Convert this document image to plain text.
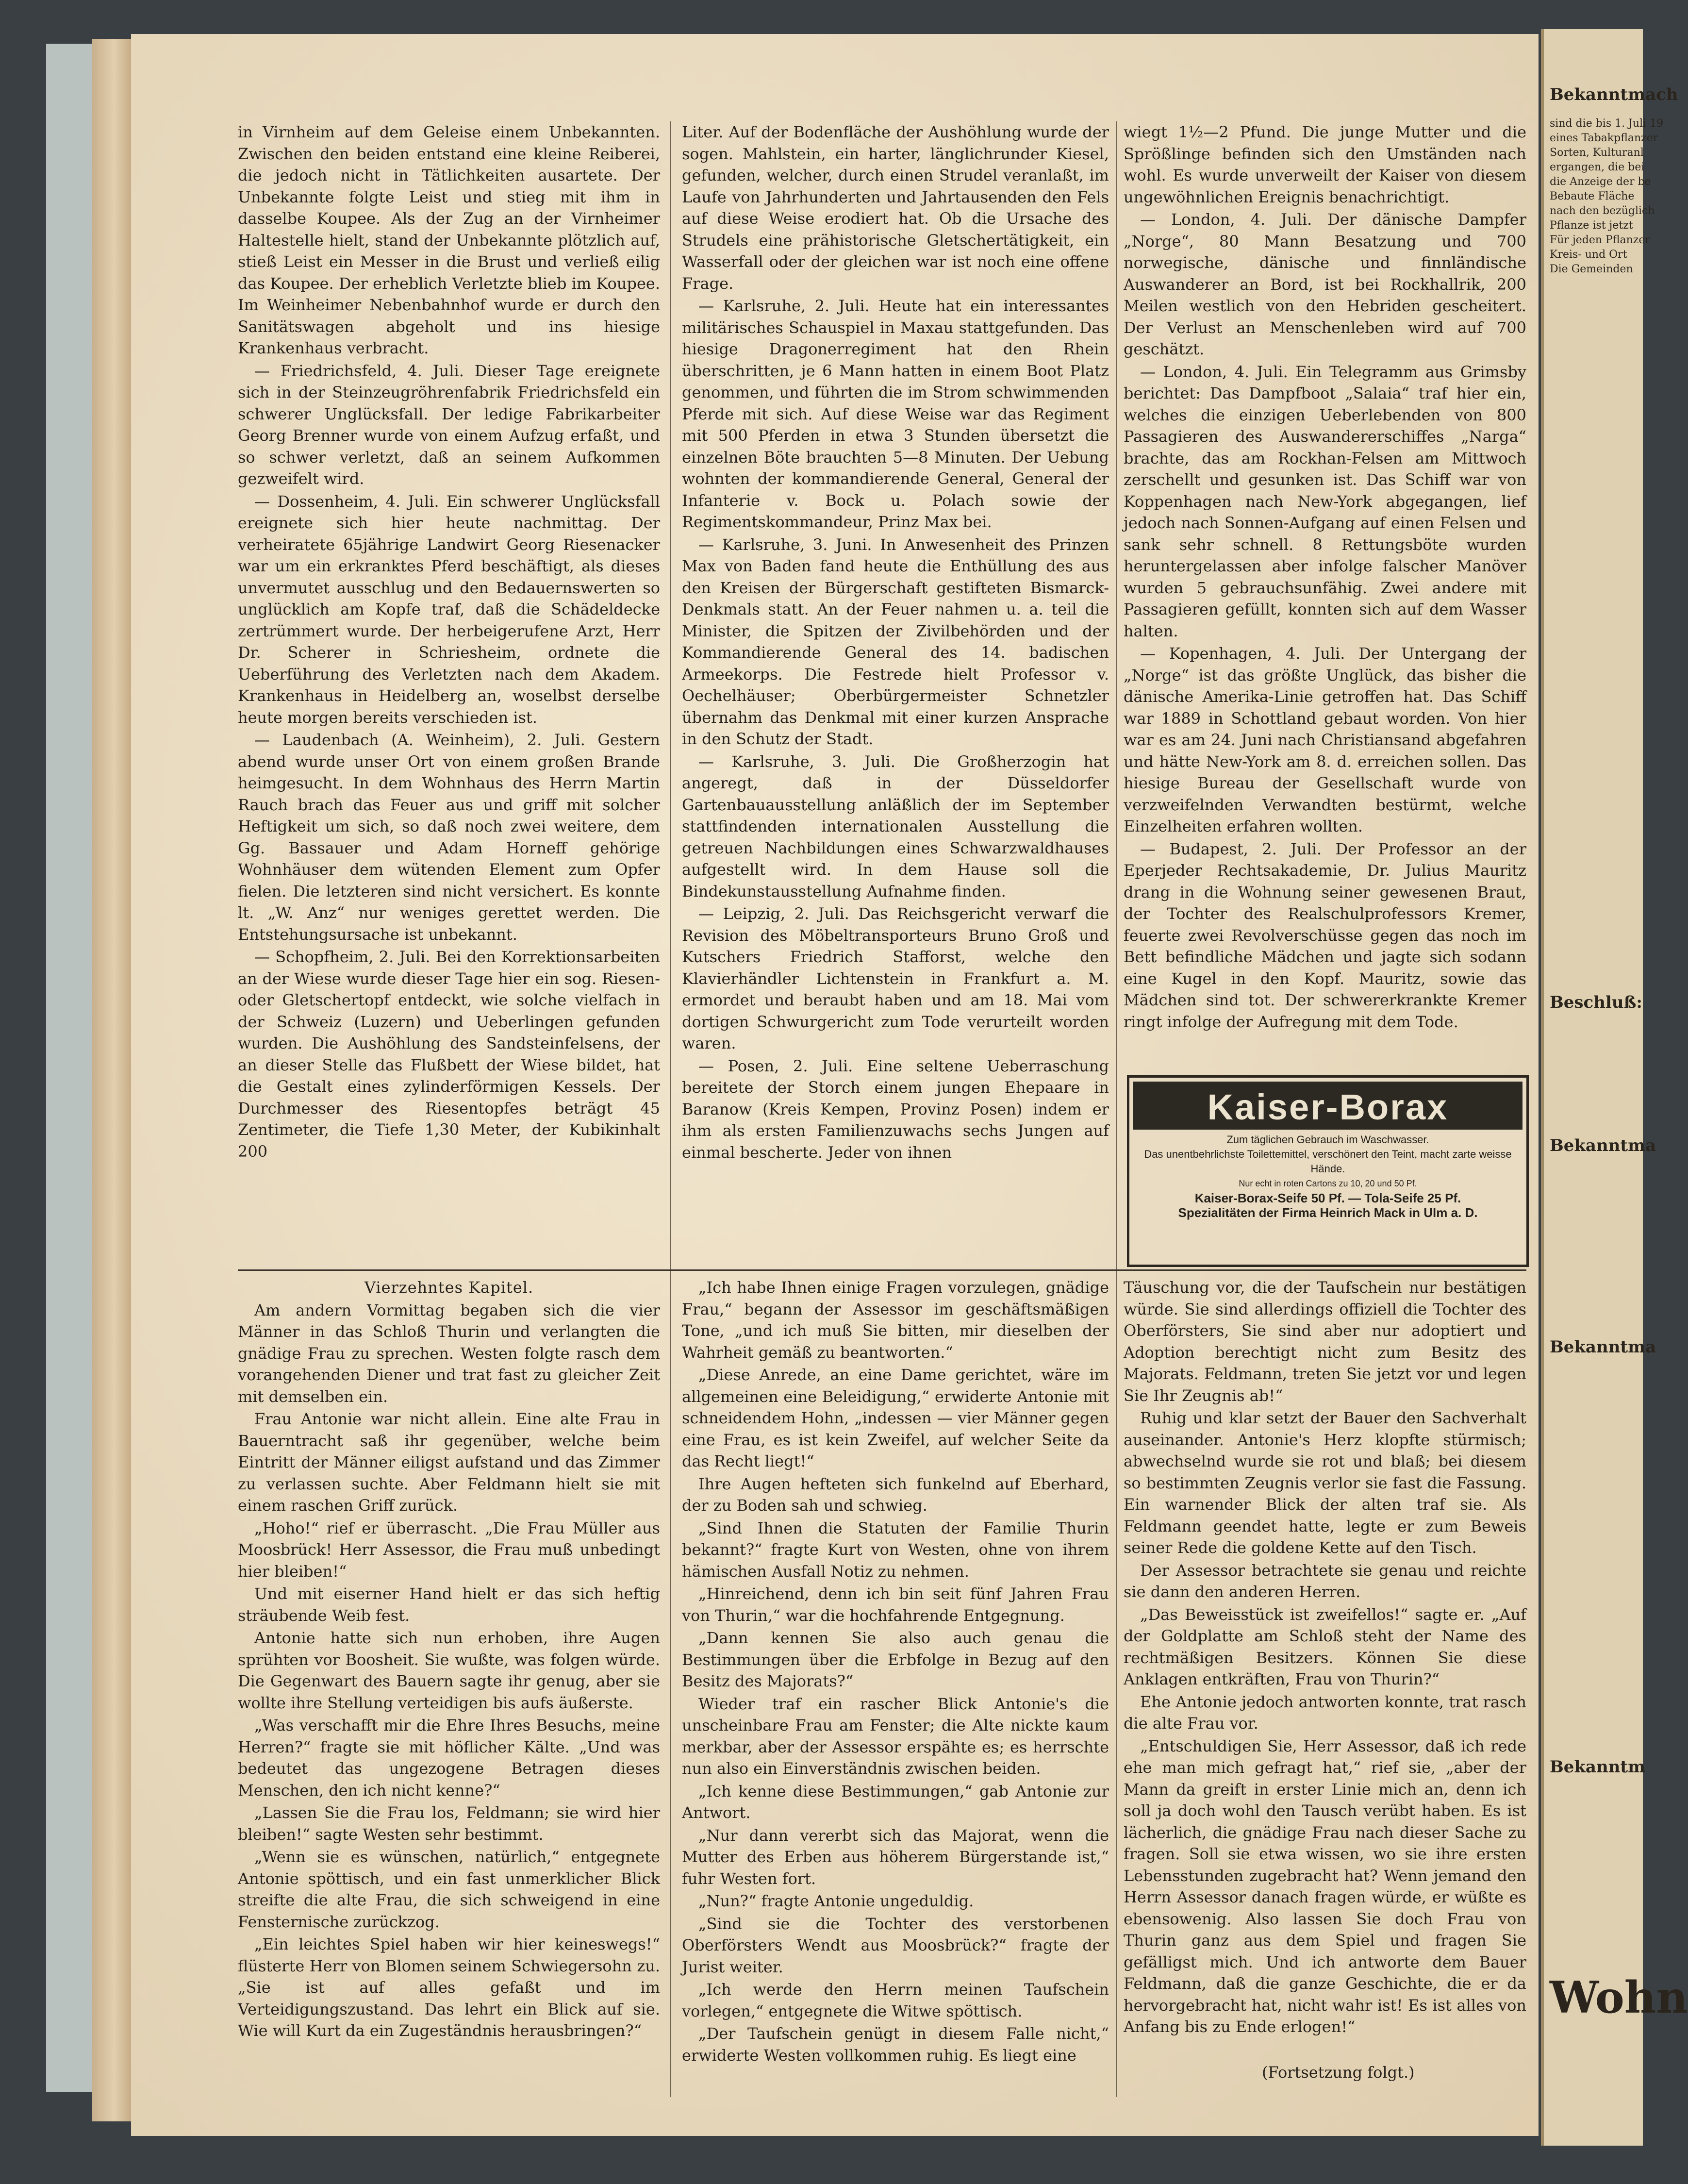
in Virnheim auf dem Geleise einem Unbekannten. Zwischen den beiden entstand eine kleine Reiberei, die jedoch nicht in Tätlichkeiten ausartete. Der Unbekannte folgte Leist und stieg mit ihm in dasselbe Koupee. Als der Zug an der Virnheimer Haltestelle hielt, stand der Unbekannte plötzlich auf, stieß Leist ein Messer in die Brust und verließ eilig das Koupee. Der erheblich Verletzte blieb im Koupee. Im Weinheimer Nebenbahnhof wurde er durch den Sanitätswagen abgeholt und ins hiesige Krankenhaus verbracht.

— Friedrichsfeld, 4. Juli. Dieser Tage ereignete sich in der Steinzeugröhrenfabrik Friedrichsfeld ein schwerer Unglücksfall. Der ledige Fabrikarbeiter Georg Brenner wurde von einem Aufzug erfaßt, und so schwer verletzt, daß an seinem Aufkommen gezweifelt wird.

— Dossenheim, 4. Juli. Ein schwerer Unglücksfall ereignete sich hier heute nachmittag. Der verheiratete 65jährige Landwirt Georg Riesenacker war um ein erkranktes Pferd beschäftigt, als dieses unvermutet ausschlug und den Bedauernswerten so unglücklich am Kopfe traf, daß die Schädeldecke zertrümmert wurde. Der herbeigerufene Arzt, Herr Dr. Scherer in Schriesheim, ordnete die Ueberführung des Verletzten nach dem Akadem. Krankenhaus in Heidelberg an, woselbst derselbe heute morgen bereits verschieden ist.

— Laudenbach (A. Weinheim), 2. Juli. Gestern abend wurde unser Ort von einem großen Brande heimgesucht. In dem Wohnhaus des Herrn Martin Rauch brach das Feuer aus und griff mit solcher Heftigkeit um sich, so daß noch zwei weitere, dem Gg. Bassauer und Adam Horneff gehörige Wohnhäuser dem wütenden Element zum Opfer fielen. Die letzteren sind nicht versichert. Es konnte lt. „W. Anz“ nur weniges gerettet werden. Die Entstehungsursache ist unbekannt.

— Schopfheim, 2. Juli. Bei den Korrektionsarbeiten an der Wiese wurde dieser Tage hier ein sog. Riesen- oder Gletschertopf entdeckt, wie solche vielfach in der Schweiz (Luzern) und Ueberlingen gefunden wurden. Die Aushöhlung des Sandsteinfelsens, der an dieser Stelle das Flußbett der Wiese bildet, hat die Gestalt eines zylinderförmigen Kessels. Der Durchmesser des Riesentopfes beträgt 45 Zentimeter, die Tiefe 1,30 Meter, der Kubikinhalt 200

Liter. Auf der Bodenfläche der Aushöhlung wurde der sogen. Mahlstein, ein harter, länglichrunder Kiesel, gefunden, welcher, durch einen Strudel veranlaßt, im Laufe von Jahrhunderten und Jahrtausenden den Fels auf diese Weise erodiert hat. Ob die Ursache des Strudels eine prähistorische Gletschertätigkeit, ein Wasserfall oder der gleichen war ist noch eine offene Frage.

— Karlsruhe, 2. Juli. Heute hat ein interessantes militärisches Schauspiel in Maxau stattgefunden. Das hiesige Dragonerregiment hat den Rhein überschritten, je 6 Mann hatten in einem Boot Platz genommen, und führten die im Strom schwimmenden Pferde mit sich. Auf diese Weise war das Regiment mit 500 Pferden in etwa 3 Stunden übersetzt die einzelnen Böte brauchten 5—8 Minuten. Der Uebung wohnten der kommandierende General, General der Infanterie v. Bock u. Polach sowie der Regimentskommandeur, Prinz Max bei.

— Karlsruhe, 3. Juni. In Anwesenheit des Prinzen Max von Baden fand heute die Enthüllung des aus den Kreisen der Bürgerschaft gestifteten Bismarck-Denkmals statt. An der Feuer nahmen u. a. teil die Minister, die Spitzen der Zivilbehörden und der Kommandierende General des 14. badischen Armeekorps. Die Festrede hielt Professor v. Oechelhäuser; Oberbürgermeister Schnetzler übernahm das Denkmal mit einer kurzen Ansprache in den Schutz der Stadt.

— Karlsruhe, 3. Juli. Die Großherzogin hat angeregt, daß in der Düsseldorfer Gartenbauausstellung anläßlich der im September stattfindenden internationalen Ausstellung die getreuen Nachbildungen eines Schwarzwaldhauses aufgestellt wird. In dem Hause soll die Bindekunstausstellung Aufnahme finden.

— Leipzig, 2. Juli. Das Reichsgericht verwarf die Revision des Möbeltransporteurs Bruno Groß und Kutschers Friedrich Stafforst, welche den Klavierhändler Lichtenstein in Frankfurt a. M. ermordet und beraubt haben und am 18. Mai vom dortigen Schwurgericht zum Tode verurteilt worden waren.

— Posen, 2. Juli. Eine seltene Ueberraschung bereitete der Storch einem jungen Ehepaare in Baranow (Kreis Kempen, Provinz Posen) indem er ihm als ersten Familienzuwachs sechs Jungen auf einmal bescherte. Jeder von ihnen

wiegt 1½—2 Pfund. Die junge Mutter und die Sprößlinge befinden sich den Umständen nach wohl. Es wurde unverweilt der Kaiser von diesem ungewöhnlichen Ereignis benachrichtigt.

— London, 4. Juli. Der dänische Dampfer „Norge“, 80 Mann Besatzung und 700 norwegische, dänische und finnländische Auswanderer an Bord, ist bei Rockhallrik, 200 Meilen westlich von den Hebriden gescheitert. Der Verlust an Menschenleben wird auf 700 geschätzt.

— London, 4. Juli. Ein Telegramm aus Grimsby berichtet: Das Dampfboot „Salaia“ traf hier ein, welches die einzigen Ueberlebenden von 800 Passagieren des Auswandererschiffes „Narga“ brachte, das am Rockhan-Felsen am Mittwoch zerschellt und gesunken ist. Das Schiff war von Koppenhagen nach New-York abgegangen, lief jedoch nach Sonnen-Aufgang auf einen Felsen und sank sehr schnell. 8 Rettungsböte wurden heruntergelassen aber infolge falscher Manöver wurden 5 gebrauchsunfähig. Zwei andere mit Passagieren gefüllt, konnten sich auf dem Wasser halten.

— Kopenhagen, 4. Juli. Der Untergang der „Norge“ ist das größte Unglück, das bisher die dänische Amerika-Linie getroffen hat. Das Schiff war 1889 in Schottland gebaut worden. Von hier war es am 24. Juni nach Christiansand abgefahren und hätte New-York am 8. d. erreichen sollen. Das hiesige Bureau der Gesellschaft wurde von verzweifelnden Verwandten bestürmt, welche Einzelheiten erfahren wollten.

— Budapest, 2. Juli. Der Professor an der Eperjeder Rechtsakademie, Dr. Julius Mauritz drang in die Wohnung seiner gewesenen Braut, der Tochter des Realschulprofessors Kremer, feuerte zwei Revolverschüsse gegen das noch im Bett befindliche Mädchen und jagte sich sodann eine Kugel in den Kopf. Mauritz, sowie das Mädchen sind tot. Der schwererkrankte Kremer ringt infolge der Aufregung mit dem Tode.

Kaiser-Borax
Zum täglichen Gebrauch im Waschwasser.
Das unentbehrlichste Toilettemittel, verschönert den Teint, macht zarte weisse Hände.
Nur echt in roten Cartons zu 10, 20 und 50 Pf.
Kaiser-Borax-Seife 50 Pf. — Tola-Seife 25 Pf.
Spezialitäten der Firma Heinrich Mack in Ulm a. D.

Vierzehntes Kapitel.

Am andern Vormittag begaben sich die vier Männer in das Schloß Thurin und verlangten die gnädige Frau zu sprechen. Westen folgte rasch dem vorangehenden Diener und trat fast zu gleicher Zeit mit demselben ein.

Frau Antonie war nicht allein. Eine alte Frau in Bauerntracht saß ihr gegenüber, welche beim Eintritt der Männer eiligst aufstand und das Zimmer zu verlassen suchte. Aber Feldmann hielt sie mit einem raschen Griff zurück.

„Hoho!“ rief er überrascht. „Die Frau Müller aus Moosbrück! Herr Assessor, die Frau muß unbedingt hier bleiben!“

Und mit eiserner Hand hielt er das sich heftig sträubende Weib fest.

Antonie hatte sich nun erhoben, ihre Augen sprühten vor Boosheit. Sie wußte, was folgen würde. Die Gegenwart des Bauern sagte ihr genug, aber sie wollte ihre Stellung verteidigen bis aufs äußerste.

„Was verschafft mir die Ehre Ihres Besuchs, meine Herren?“ fragte sie mit höflicher Kälte. „Und was bedeutet das ungezogene Betragen dieses Menschen, den ich nicht kenne?“

„Lassen Sie die Frau los, Feldmann; sie wird hier bleiben!“ sagte Westen sehr bestimmt.

„Wenn sie es wünschen, natürlich,“ entgegnete Antonie spöttisch, und ein fast unmerklicher Blick streifte die alte Frau, die sich schweigend in eine Fensternische zurückzog.

„Ein leichtes Spiel haben wir hier keineswegs!“ flüsterte Herr von Blomen seinem Schwiegersohn zu. „Sie ist auf alles gefaßt und im Verteidigungszustand. Das lehrt ein Blick auf sie. Wie will Kurt da ein Zugeständnis herausbringen?“

„Ich habe Ihnen einige Fragen vorzulegen, gnädige Frau,“ begann der Assessor im geschäftsmäßigen Tone, „und ich muß Sie bitten, mir dieselben der Wahrheit gemäß zu beantworten.“

„Diese Anrede, an eine Dame gerichtet, wäre im allgemeinen eine Beleidigung,“ erwiderte Antonie mit schneidendem Hohn, „indessen — vier Männer gegen eine Frau, es ist kein Zweifel, auf welcher Seite da das Recht liegt!“

Ihre Augen hefteten sich funkelnd auf Eberhard, der zu Boden sah und schwieg.

„Sind Ihnen die Statuten der Familie Thurin bekannt?“ fragte Kurt von Westen, ohne von ihrem hämischen Ausfall Notiz zu nehmen.

„Hinreichend, denn ich bin seit fünf Jahren Frau von Thurin,“ war die hochfahrende Entgegnung.

„Dann kennen Sie also auch genau die Bestimmungen über die Erbfolge in Bezug auf den Besitz des Majorats?“

Wieder traf ein rascher Blick Antonie's die unscheinbare Frau am Fenster; die Alte nickte kaum merkbar, aber der Assessor erspähte es; es herrschte nun also ein Einverständnis zwischen beiden.

„Ich kenne diese Bestimmungen,“ gab Antonie zur Antwort.

„Nur dann vererbt sich das Majorat, wenn die Mutter des Erben aus höherem Bürgerstande ist,“ fuhr Westen fort.

„Nun?“ fragte Antonie ungeduldig.

„Sind sie die Tochter des verstorbenen Oberförsters Wendt aus Moosbrück?“ fragte der Jurist weiter.

„Ich werde den Herrn meinen Taufschein vorlegen,“ entgegnete die Witwe spöttisch.

„Der Taufschein genügt in diesem Falle nicht,“ erwiderte Westen vollkommen ruhig. Es liegt eine

Täuschung vor, die der Taufschein nur bestätigen würde. Sie sind allerdings offiziell die Tochter des Oberförsters, Sie sind aber nur adoptiert und Adoption berechtigt nicht zum Besitz des Majorats. Feldmann, treten Sie jetzt vor und legen Sie Ihr Zeugnis ab!“

Ruhig und klar setzt der Bauer den Sachverhalt auseinander. Antonie's Herz klopfte stürmisch; abwechselnd wurde sie rot und blaß; bei diesem so bestimmten Zeugnis verlor sie fast die Fassung. Ein warnender Blick der alten traf sie. Als Feldmann geendet hatte, legte er zum Beweis seiner Rede die goldene Kette auf den Tisch.

Der Assessor betrachtete sie genau und reichte sie dann den anderen Herren.

„Das Beweisstück ist zweifellos!“ sagte er. „Auf der Goldplatte am Schloß steht der Name des rechtmäßigen Besitzers. Können Sie diese Anklagen entkräften, Frau von Thurin?“

Ehe Antonie jedoch antworten konnte, trat rasch die alte Frau vor.

„Entschuldigen Sie, Herr Assessor, daß ich rede ehe man mich gefragt hat,“ rief sie, „aber der Mann da greift in erster Linie mich an, denn ich soll ja doch wohl den Tausch verübt haben. Es ist lächerlich, die gnädige Frau nach dieser Sache zu fragen. Soll sie etwa wissen, wo sie ihre ersten Lebensstunden zugebracht hat? Wenn jemand den Herrn Assessor danach fragen würde, er wüßte es ebensowenig. Also lassen Sie doch Frau von Thurin ganz aus dem Spiel und fragen Sie gefälligst mich. Und ich antworte dem Bauer Feldmann, daß die ganze Geschichte, die er da hervorgebracht hat, nicht wahr ist! Es ist alles von Anfang bis zu Ende erlogen!“

(Fortsetzung folgt.)
Bekanntmach
sind die bis 1. Juli 19
eines Tabakpflanzer
Sorten, Kulturanl
ergangen, die bei
die Anzeige der be
Bebaute Fläche
nach den bezüglich
Pflanze ist jetzt
Für jeden Pflanzer
Kreis- und Ort
Die Gemeinden
Beschluß:
Bekanntma
Bekanntma
Bekanntm
Wohn
